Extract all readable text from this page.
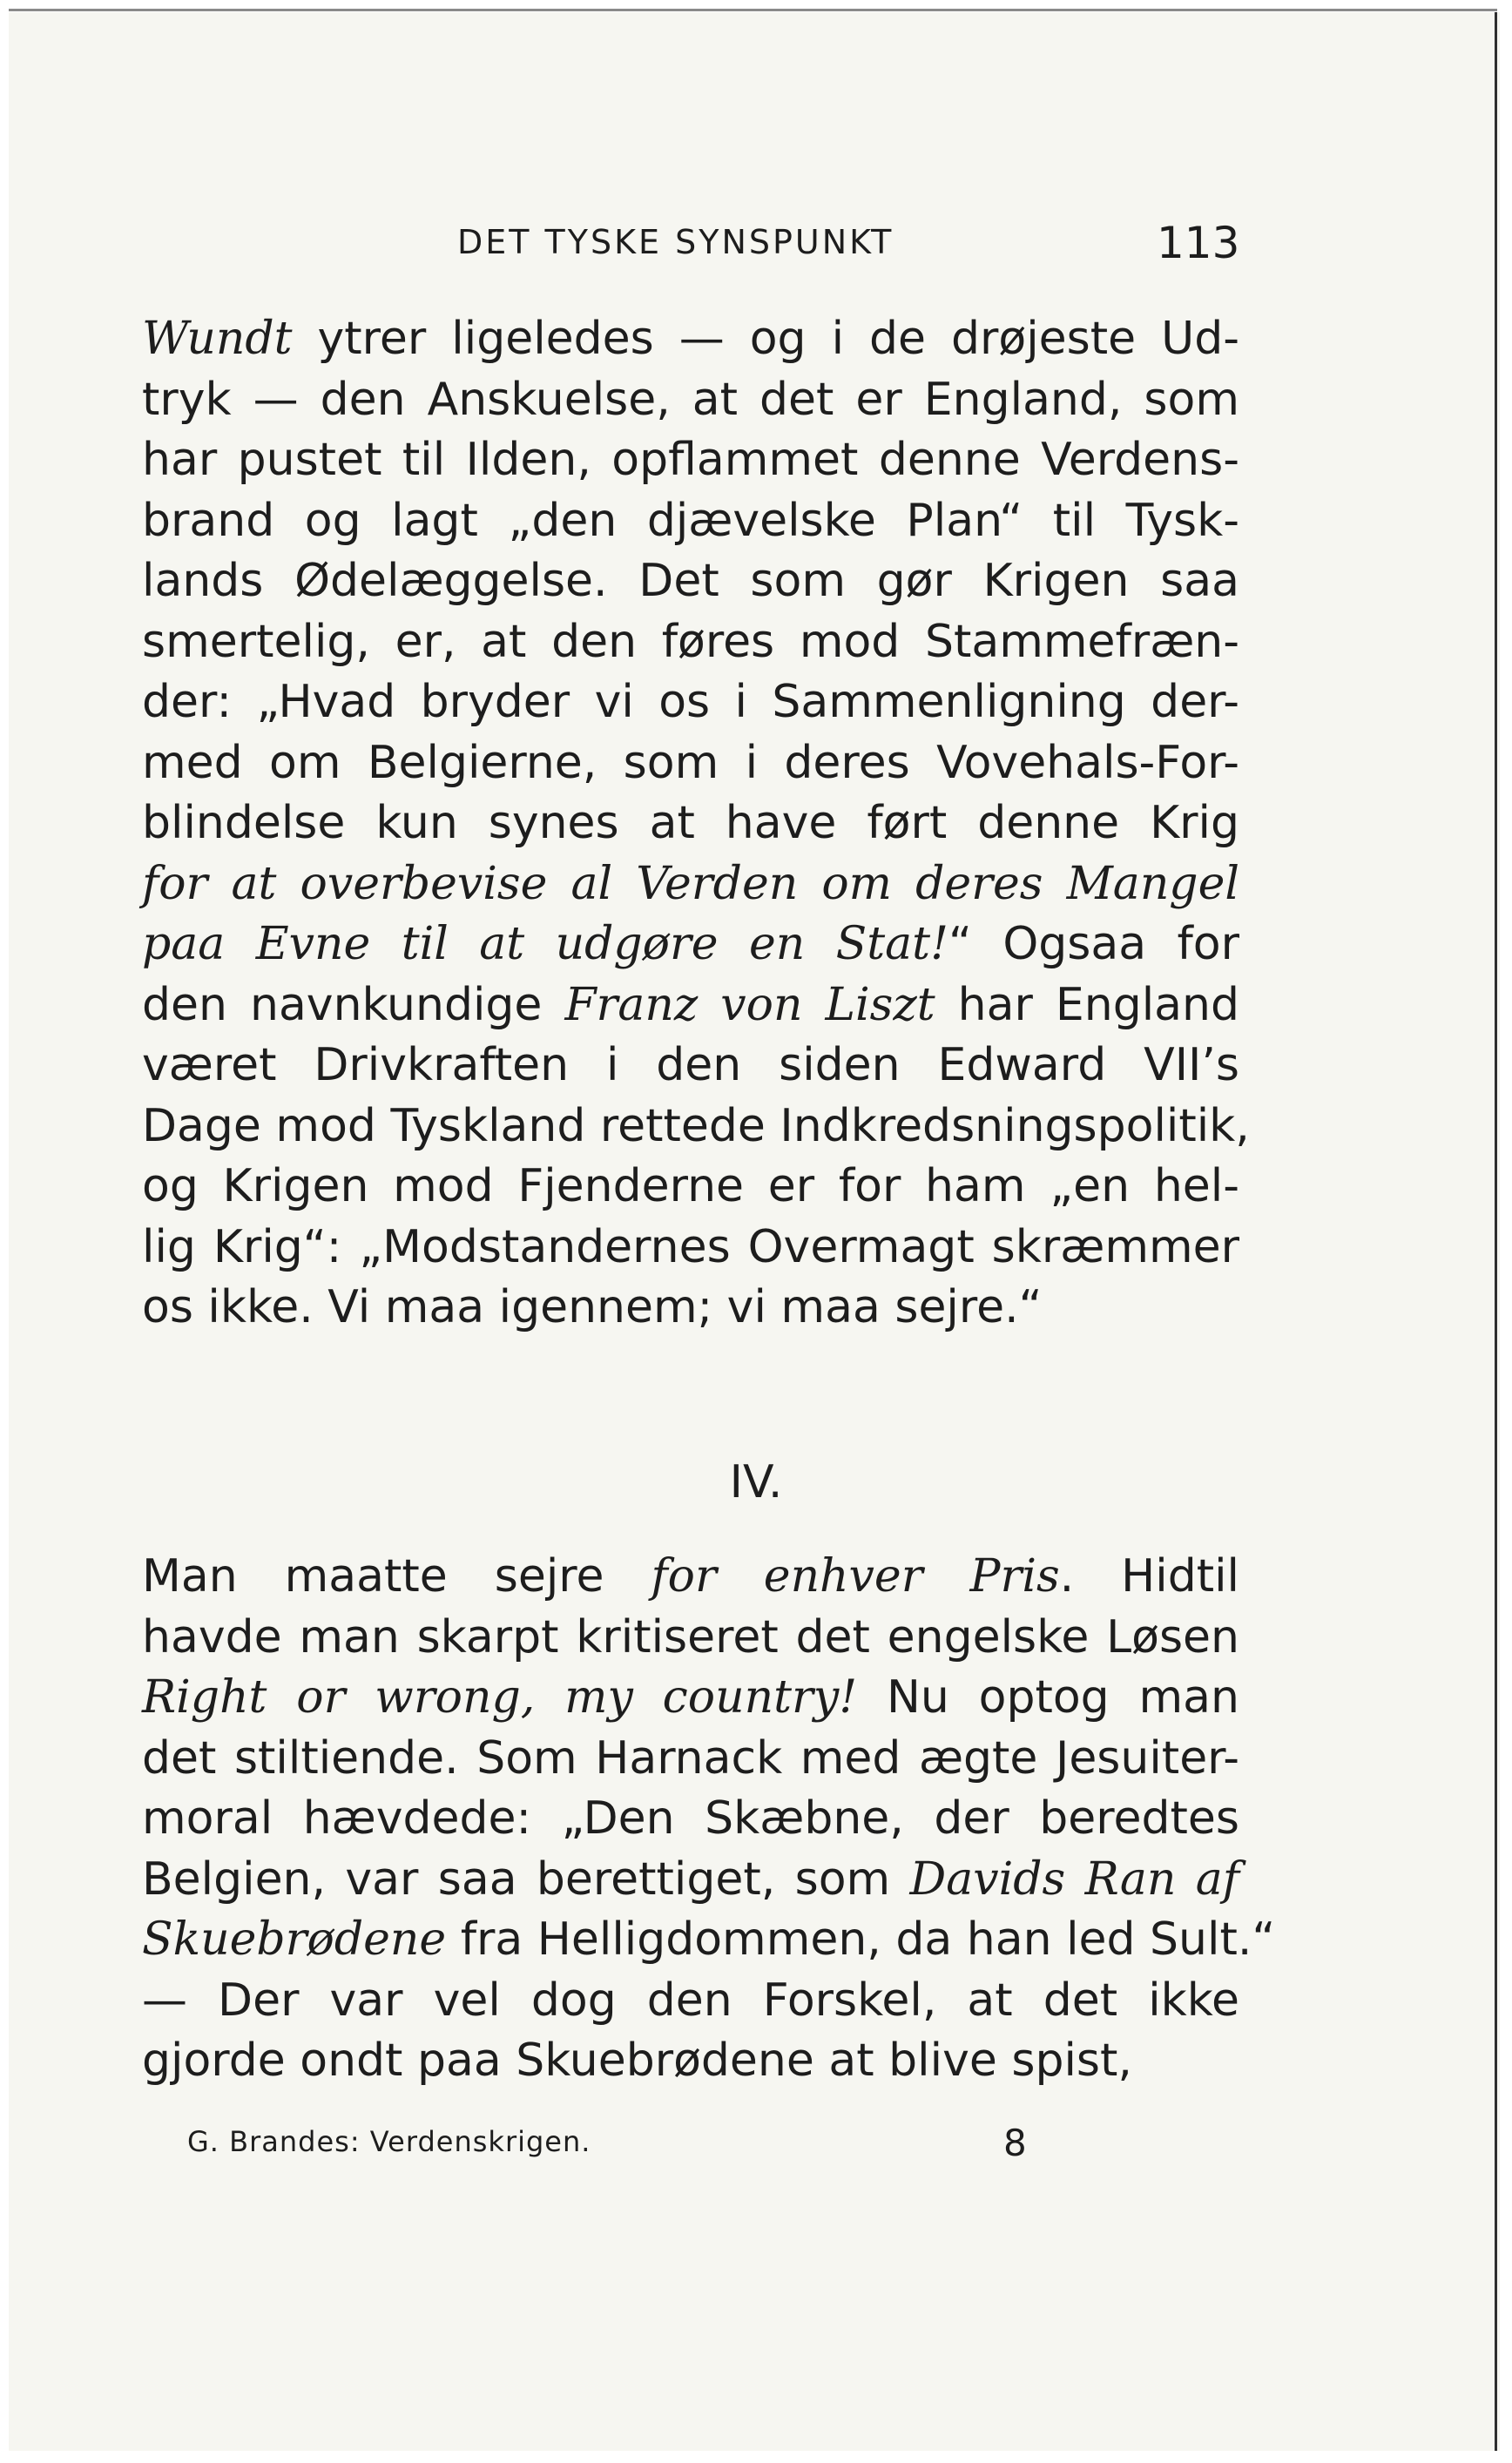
DET TYSKE SYNSPUNKT	113
Wundt ytrer ligeledes — og i de drøjeste Ud-
tryk — den Anskuelse, at det er England, som
har pustet til Ilden, opflammet denne Verdens-
brand og lagt „den djævelske Plan“ til Tysk-
lands Ødelæggelse. Det som gør Krigen saa
smertelig, er, at den føres mod Stammefræn-
der: „Hvad bryder vi os i Sammenligning der-
med om Belgierne, som i deres Vovehals-For-
blindelse kun synes at have ført denne Krig
for at overbevise al Verden om deres Mangel
paa Evne til at udgøre en Stat!“ Ogsaa for
den navnkundige Franz von Liszt har England
været Drivkraften i den siden Edward VII’s
Dage mod Tyskland rettede Indkredsningspolitik,
og Krigen mod Fjenderne er for ham „en hel-
lig Krig“: „Modstandernes Overmagt skræmmer
os ikke. Vi maa igennem; vi maa sejre.“
IV.
Man maatte sejre for enhver Pris. Hidtil
havde man skarpt kritiseret det engelske Løsen
Right or wrong, my country! Nu optog man
det stiltiende. Som Harnack med ægte Jesuiter-
moral hævdede: „Den Skæbne, der beredtes
Belgien, var saa berettiget, som Davids Ran af
Skuebrødene fra Helligdommen, da han led Sult.“
— Der var vel dog den Forskel, at det ikke
gjorde ondt paa Skuebrødene at blive spist,
G. Brandes: Verdenskrigen.	8
